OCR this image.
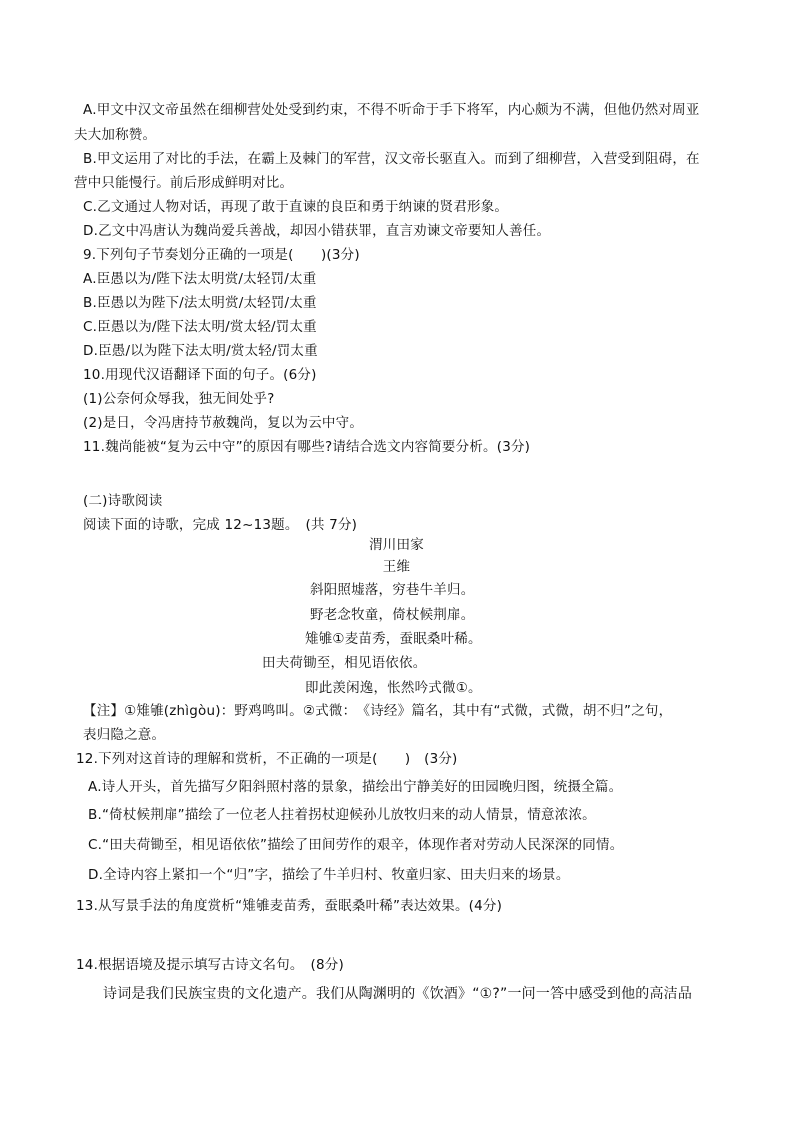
A.甲文中汉文帝虽然在细柳营处处受到约束，不得不听命于手下将军，内心颇为不满，但他仍然对周亚
夫大加称赞。
B.甲文运用了对比的手法，在霸上及棘门的军营，汉文帝长驱直入。而到了细柳营，入营受到阻碍，在
营中只能慢行。前后形成鲜明对比。
C.乙文通过人物对话，再现了敢于直谏的良臣和勇于纳谏的贤君形象。
D.乙文中冯唐认为魏尚爱兵善战，却因小错获罪，直言劝谏文帝要知人善任。
9.下列句子节奏划分正确的一项是(　　)(3分)
A.臣愚以为/陛下法太明赏/太轻罚/太重
B.臣愚以为陛下/法太明赏/太轻罚/太重
C.臣愚以为/陛下法太明/赏太轻/罚太重
D.臣愚/以为陛下法太明/赏太轻/罚太重
10.用现代汉语翻译下面的句子。(6分)
(1)公奈何众辱我，独无间处乎?
(2)是日，令冯唐持节赦魏尚，复以为云中守。
11.魏尚能被“复为云中守”的原因有哪些?请结合选文内容简要分析。(3分)
(二)诗歌阅读
阅读下面的诗歌，完成 12~13题。　(共 7分)
渭川田家
王维
斜阳照墟落，穷巷牛羊归。
野老念牧童，倚杖候荆扉。
雉雊①麦苗秀，蚕眠桑叶稀。
田夫荷锄至，相见语依依。
即此羡闲逸，怅然吟式微①。
【注】①雉雊(zhìgòu)：野鸡鸣叫。②式微：　《诗经》篇名，其中有“式微，式微，胡不归”之句，
表归隐之意。
12.下列对这首诗的理解和赏析，不正确的一项是(　　)　(3分)
A.诗人开头，首先描写夕阳斜照村落的景象，描绘出宁静美好的田园晚归图，统摄全篇。
B.“倚杖候荆扉”描绘了一位老人拄着拐杖迎候孙儿放牧归来的动人情景，情意浓浓。
C.“田夫荷锄至，相见语依依”描绘了田间劳作的艰辛，体现作者对劳动人民深深的同情。
D.全诗内容上紧扣一个“归”字，描绘了牛羊归村、牧童归家、田夫归来的场景。
13.从写景手法的角度赏析“雉雊麦苗秀，蚕眠桑叶稀”表达效果。(4分)
14.根据语境及提示填写古诗文名句。　(8分)
诗词是我们民族宝贵的文化遗产。我们从陶渊明的《饮酒》“①?”一问一答中感受到他的高洁品
